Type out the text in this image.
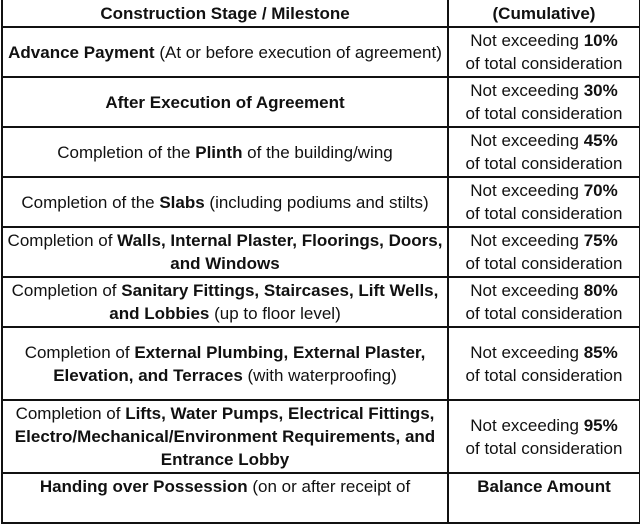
Construction Stage / Milestone	(Cumulative)
Advance Payment (At or before execution of agreement)	Not exceeding 10%
of total consideration

After Execution of Agreement	Not exceeding 30%
of total consideration

Completion of the Plinth of the building/wing	Not exceeding 45%
of total consideration

Completion of the Slabs (including podiums and stilts)	Not exceeding 70%
of total consideration

Completion of Walls, Internal Plaster, Floorings, Doors, and Windows	Not exceeding 75%
of total consideration

Completion of Sanitary Fittings, Staircases, Lift Wells, and Lobbies (up to floor level)	Not exceeding 80%
of total consideration

Completion of External Plumbing, External Plaster, Elevation, and Terraces (with waterproofing)	Not exceeding 85%
of total consideration

Completion of Lifts, Water Pumps, Electrical Fittings, Electro/Mechanical/Environment Requirements, and Entrance Lobby	Not exceeding 95%
of total consideration

Handing over Possession (on or after receipt of	Balance Amount
